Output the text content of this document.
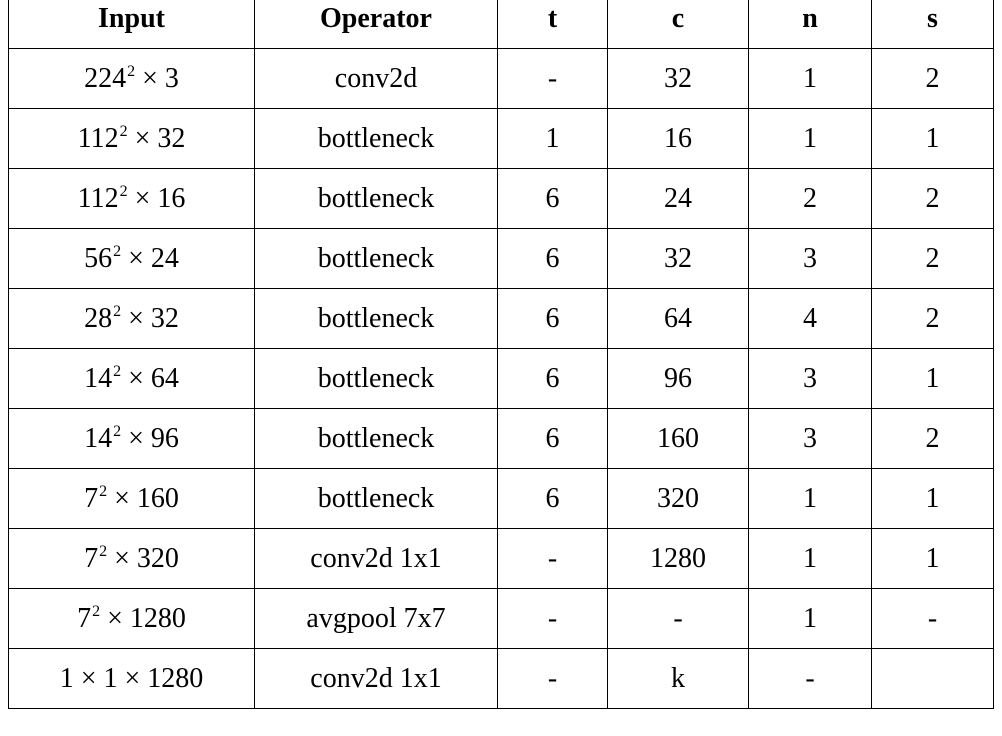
Input	Operator	t	c	n	s

$224^2 \times 3$	conv2d	-	32	1	2

$112^2 \times 32$	bottleneck	1	16	1	1

$112^2 \times 16$	bottleneck	6	24	2	2

$56^2 \times 24$	bottleneck	6	32	3	2

$28^2 \times 32$	bottleneck	6	64	4	2

$14^2 \times 64$	bottleneck	6	96	3	1

$14^2 \times 96$	bottleneck	6	160	3	2

$7^2 \times 160$	bottleneck	6	320	1	1

$7^2 \times 320$	conv2d 1x1	-	1280	1	1

$7^2 \times 1280$	avgpool 7x7	-	-	1	-

1 × 1 × 1280	conv2d 1x1	-	k	-	
